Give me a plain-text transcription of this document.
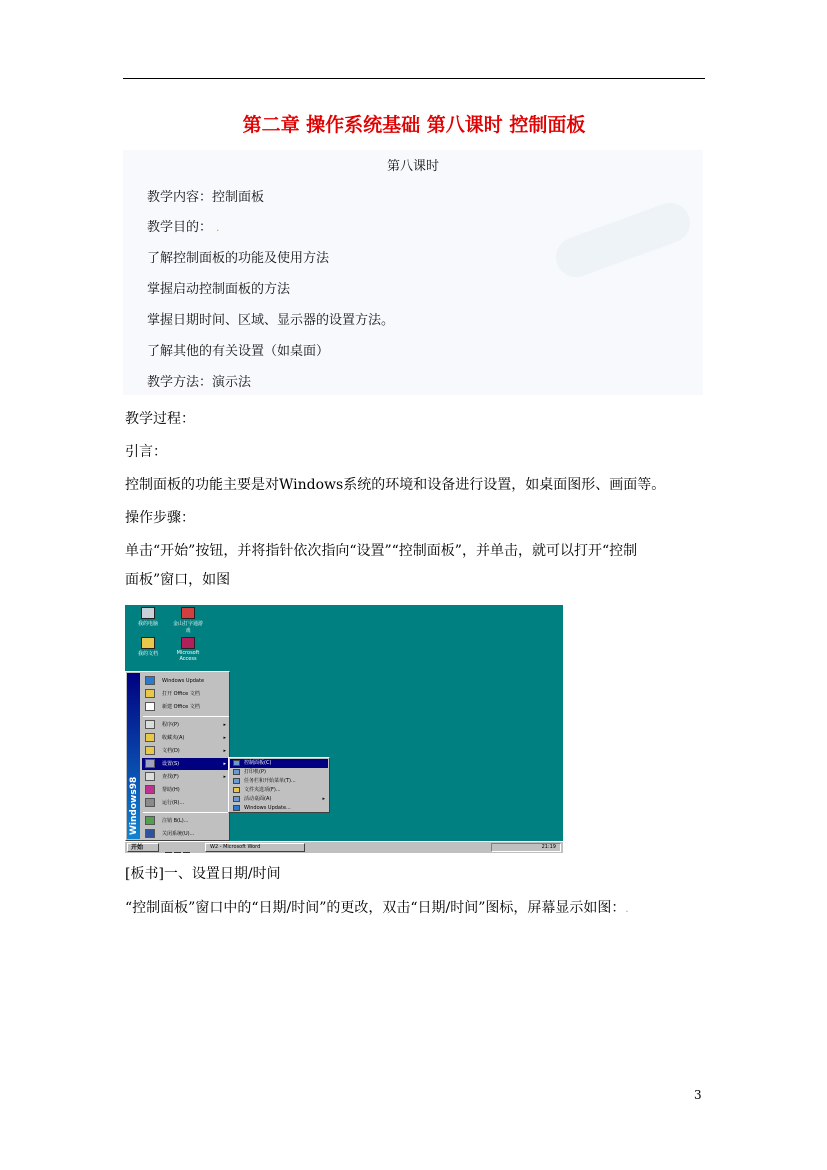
第二章 操作系统基础 第八课时 控制面板
第八课时
教学内容：控制面板
教学目的： .
了解控制面板的功能及使用方法
掌握启动控制面板的方法
掌握日期时间、区域、显示器的设置方法。
了解其他的有关设置（如桌面）
教学方法：演示法
教学过程：
引言：
控制面板的功能主要是对Windows系统的环境和设备进行设置，如桌面图形、画面等。
操作步骤：
单击“开始”按钮，并将指针依次指向“设置”“控制面板”，并单击，就可以打开“控制
面板”窗口，如图
我的电脑	金山打字通游戏
我的文档	Microsoft Access
Windows98
Windows Update
打开 Office 文档
新建 Office 文档
程序(P)	▸
收藏夹(A)	▸
文档(D)	▸
设置(S)	▸
查找(F)	▸
帮助(H)
运行(R)...
注销 B(L)...
关闭系统(U)...
控制面板(C)
打印机(P)
任务栏和开始菜单(T)...
文件夹选项(F)...
活动桌面(A)	▸
Windows Update...
开始	W2 - Microsoft Word	21:19
[板书]一、设置日期/时间
“控制面板”窗口中的“日期/时间”的更改，双击“日期/时间”图标，屏幕显示如图：.
3
